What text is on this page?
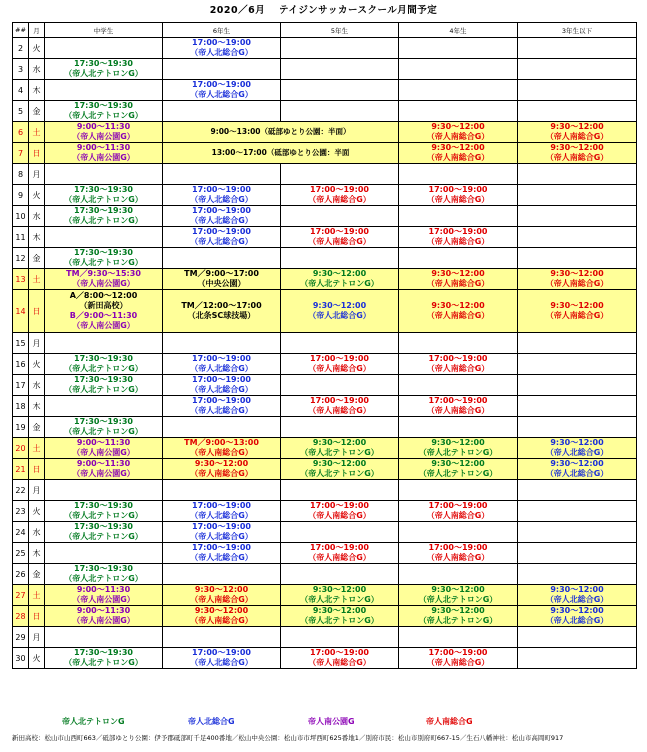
2020／6月　 テイジンサッカースクール月間予定
##	月	中学生	6年生	5年生	4年生	3年生以下
2	火		17:00～19:00
（帝人北総合G）			

3	水	17:30～19:30
（帝人北テトロンG）				

4	木		17:00～19:00
（帝人北総合G）			

5	金	17:30～19:30
（帝人北テトロンG）				

6	土	9:00～11:30
（帝人南公園G）	9:00～13:00（砥部ゆとり公園：半面）		9:30～12:00
（帝人南総合G）	9:30～12:00
（帝人南総合G）

7	日	9:00～11:30
（帝人南公園G）	13:00～17:00（砥部ゆとり公園：半面		9:30～12:00
（帝人南総合G）	9:30～12:00
（帝人南総合G）

8	月					
9	火	17:30～19:30
（帝人北テトロンG）	17:00～19:00
（帝人北総合G）	17:00～19:00
（帝人南総合G）	17:00～19:00
（帝人南総合G）	

10	水	17:30～19:30
（帝人北テトロンG）	17:00～19:00
（帝人北総合G）			

11	木		17:00～19:00
（帝人北総合G）	17:00～19:00
（帝人南総合G）	17:00～19:00
（帝人南総合G）	

12	金	17:30～19:30
（帝人北テトロンG）				

13	土	TM／9:30～15:30
（帝人南公園G）	TM／9:00～17:00
（中央公園）	9:30～12:00
（帝人北テトロンG）	9:30～12:00
（帝人南総合G）	9:30～12:00
（帝人南総合G）

14	日	A／8:00～12:00
（新田高校）
B／9:00～11:30
（帝人南公園G）	TM／12:00～17:00
（北条SC球技場）	9:30～12:00
（帝人北総合G）	9:30～12:00
（帝人南総合G）	9:30～12:00
（帝人南総合G）

15	月					
16	火	17:30～19:30
（帝人北テトロンG）	17:00～19:00
（帝人北総合G）	17:00～19:00
（帝人南総合G）	17:00～19:00
（帝人南総合G）	

17	水	17:30～19:30
（帝人北テトロンG）	17:00～19:00
（帝人北総合G）			

18	木		17:00～19:00
（帝人北総合G）	17:00～19:00
（帝人南総合G）	17:00～19:00
（帝人南総合G）	

19	金	17:30～19:30
（帝人北テトロンG）				

20	土	9:00～11:30
（帝人南公園G）	TM／9:00～13:00
（帝人南総合G）	9:30～12:00
（帝人北テトロンG）	9:30～12:00
（帝人北テトロンG）	9:30～12:00
（帝人北総合G）

21	日	9:00～11:30
（帝人南公園G）	9:30～12:00
（帝人南総合G）	9:30～12:00
（帝人北テトロンG）	9:30～12:00
（帝人北テトロンG）	9:30～12:00
（帝人北総合G）

22	月					
23	火	17:30～19:30
（帝人北テトロンG）	17:00～19:00
（帝人北総合G）	17:00～19:00
（帝人南総合G）	17:00～19:00
（帝人南総合G）	

24	水	17:30～19:30
（帝人北テトロンG）	17:00～19:00
（帝人北総合G）			

25	木		17:00～19:00
（帝人北総合G）	17:00～19:00
（帝人南総合G）	17:00～19:00
（帝人南総合G）	

26	金	17:30～19:30
（帝人北テトロンG）				

27	土	9:00～11:30
（帝人南公園G）	9:30～12:00
（帝人南総合G）	9:30～12:00
（帝人北テトロンG）	9:30～12:00
（帝人北テトロンG）	9:30～12:00
（帝人北総合G）

28	日	9:00～11:30
（帝人南公園G）	9:30～12:00
（帝人南総合G）	9:30～12:00
（帝人北テトロンG）	9:30～12:00
（帝人北テトロンG）	9:30～12:00
（帝人北総合G）

29	月					
30	火	17:30～19:30
（帝人北テトロンG）	17:00～19:00
（帝人北総合G）	17:00～19:00
（帝人南総合G）	17:00～19:00
（帝人南総合G）	

帝人北テトロンG	帝人北総合G	帝人南公園G	帝人南総合G
新田高校：松山市山西町663／砥部ゆとり公園：伊予郡砥部町千足400番地／松山中央公園：松山市市坪西町625番地1／別府市民：松山市別府町667-15／生石八幡神社：松山市高岡町917
